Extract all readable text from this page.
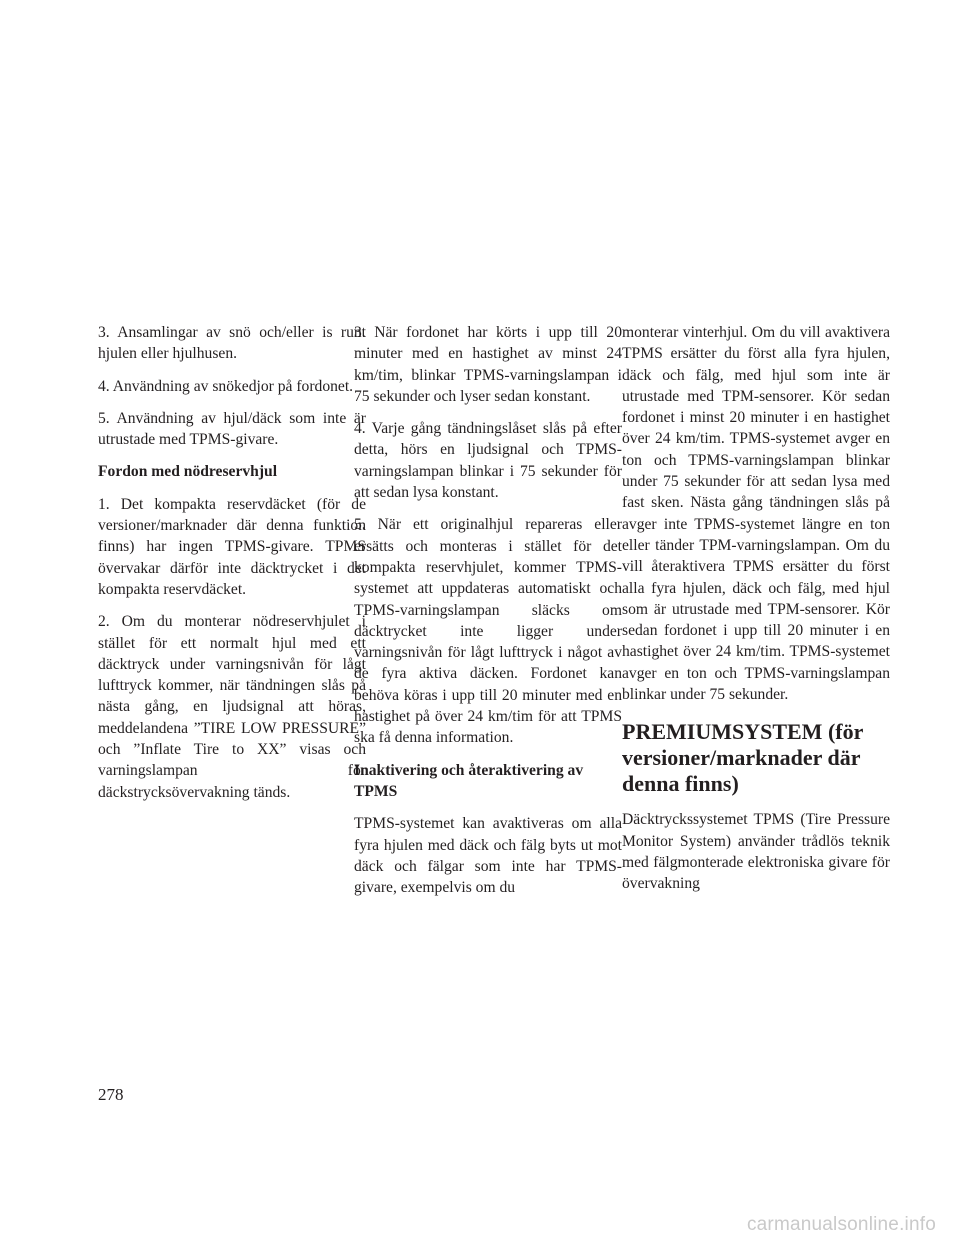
3. Ansamlingar av snö och/eller is runt hjulen eller hjulhusen.

4. Användning av snökedjor på fordonet.

5. Användning av hjul/däck som inte är utrustade med TPMS-givare.

Fordon med nödreservhjul

1. Det kompakta reservdäcket (för de versioner/marknader där denna funktion finns) har ingen TPMS-givare. TPMS övervakar därför inte däcktrycket i det kompakta reservdäcket.

2. Om du monterar nödreservhjulet i stället för ett normalt hjul med ett däcktryck under varningsnivån för lågt lufttryck kommer, när tändningen slås på nästa gång, en ljudsignal att höras, meddelandena ”TIRE LOW PRESSURE” och ”Inflate Tire to XX” visas och varningslampan för däckstrycksövervakning tänds.

3. När fordonet har körts i upp till 20 minuter med en hastighet av minst 24 km/tim, blinkar TPMS-varningslampan i 75 sekunder och lyser sedan konstant.

4. Varje gång tändningslåset slås på efter detta, hörs en ljudsignal och TPMS-varningslampan blinkar i 75 sekunder för att sedan lysa konstant.

5. När ett originalhjul repareras eller ersätts och monteras i stället för det kompakta reservhjulet, kommer TPMS-systemet att uppdateras automatiskt och TPMS-varningslampan släcks om däcktrycket inte ligger under varningsnivån för lågt lufttryck i något av de fyra aktiva däcken. Fordonet kan behöva köras i upp till 20 minuter med en hastighet på över 24 km/tim för att TPMS ska få denna information.

Inaktivering och återaktivering av TPMS

TPMS-systemet kan avaktiveras om alla fyra hjulen med däck och fälg byts ut mot däck och fälgar som inte har TPMS-givare, exempelvis om du

monterar vinterhjul. Om du vill avaktivera TPMS ersätter du först alla fyra hjulen, däck och fälg, med hjul som inte är utrustade med TPM-sensorer. Kör sedan fordonet i minst 20 minuter i en hastighet över 24 km/tim. TPMS-systemet avger en ton och TPMS-varningslampan blinkar under 75 sekunder för att sedan lysa med fast sken. Nästa gång tändningen slås på avger inte TPMS-systemet längre en ton eller tänder TPM-varningslampan. Om du vill återaktivera TPMS ersätter du först alla fyra hjulen, däck och fälg, med hjul som är utrustade med TPM-sensorer. Kör sedan fordonet i upp till 20 minuter i en hastighet över 24 km/tim. TPMS-systemet avger en ton och TPMS-varningslampan blinkar under 75 sekunder.

PREMIUMSYSTEM (för versioner/marknader där denna finns)

Däcktryckssystemet TPMS (Tire Pressure Monitor System) använder trådlös teknik med fälgmonterade elektroniska givare för övervakning

278
carmanualsonline.info
